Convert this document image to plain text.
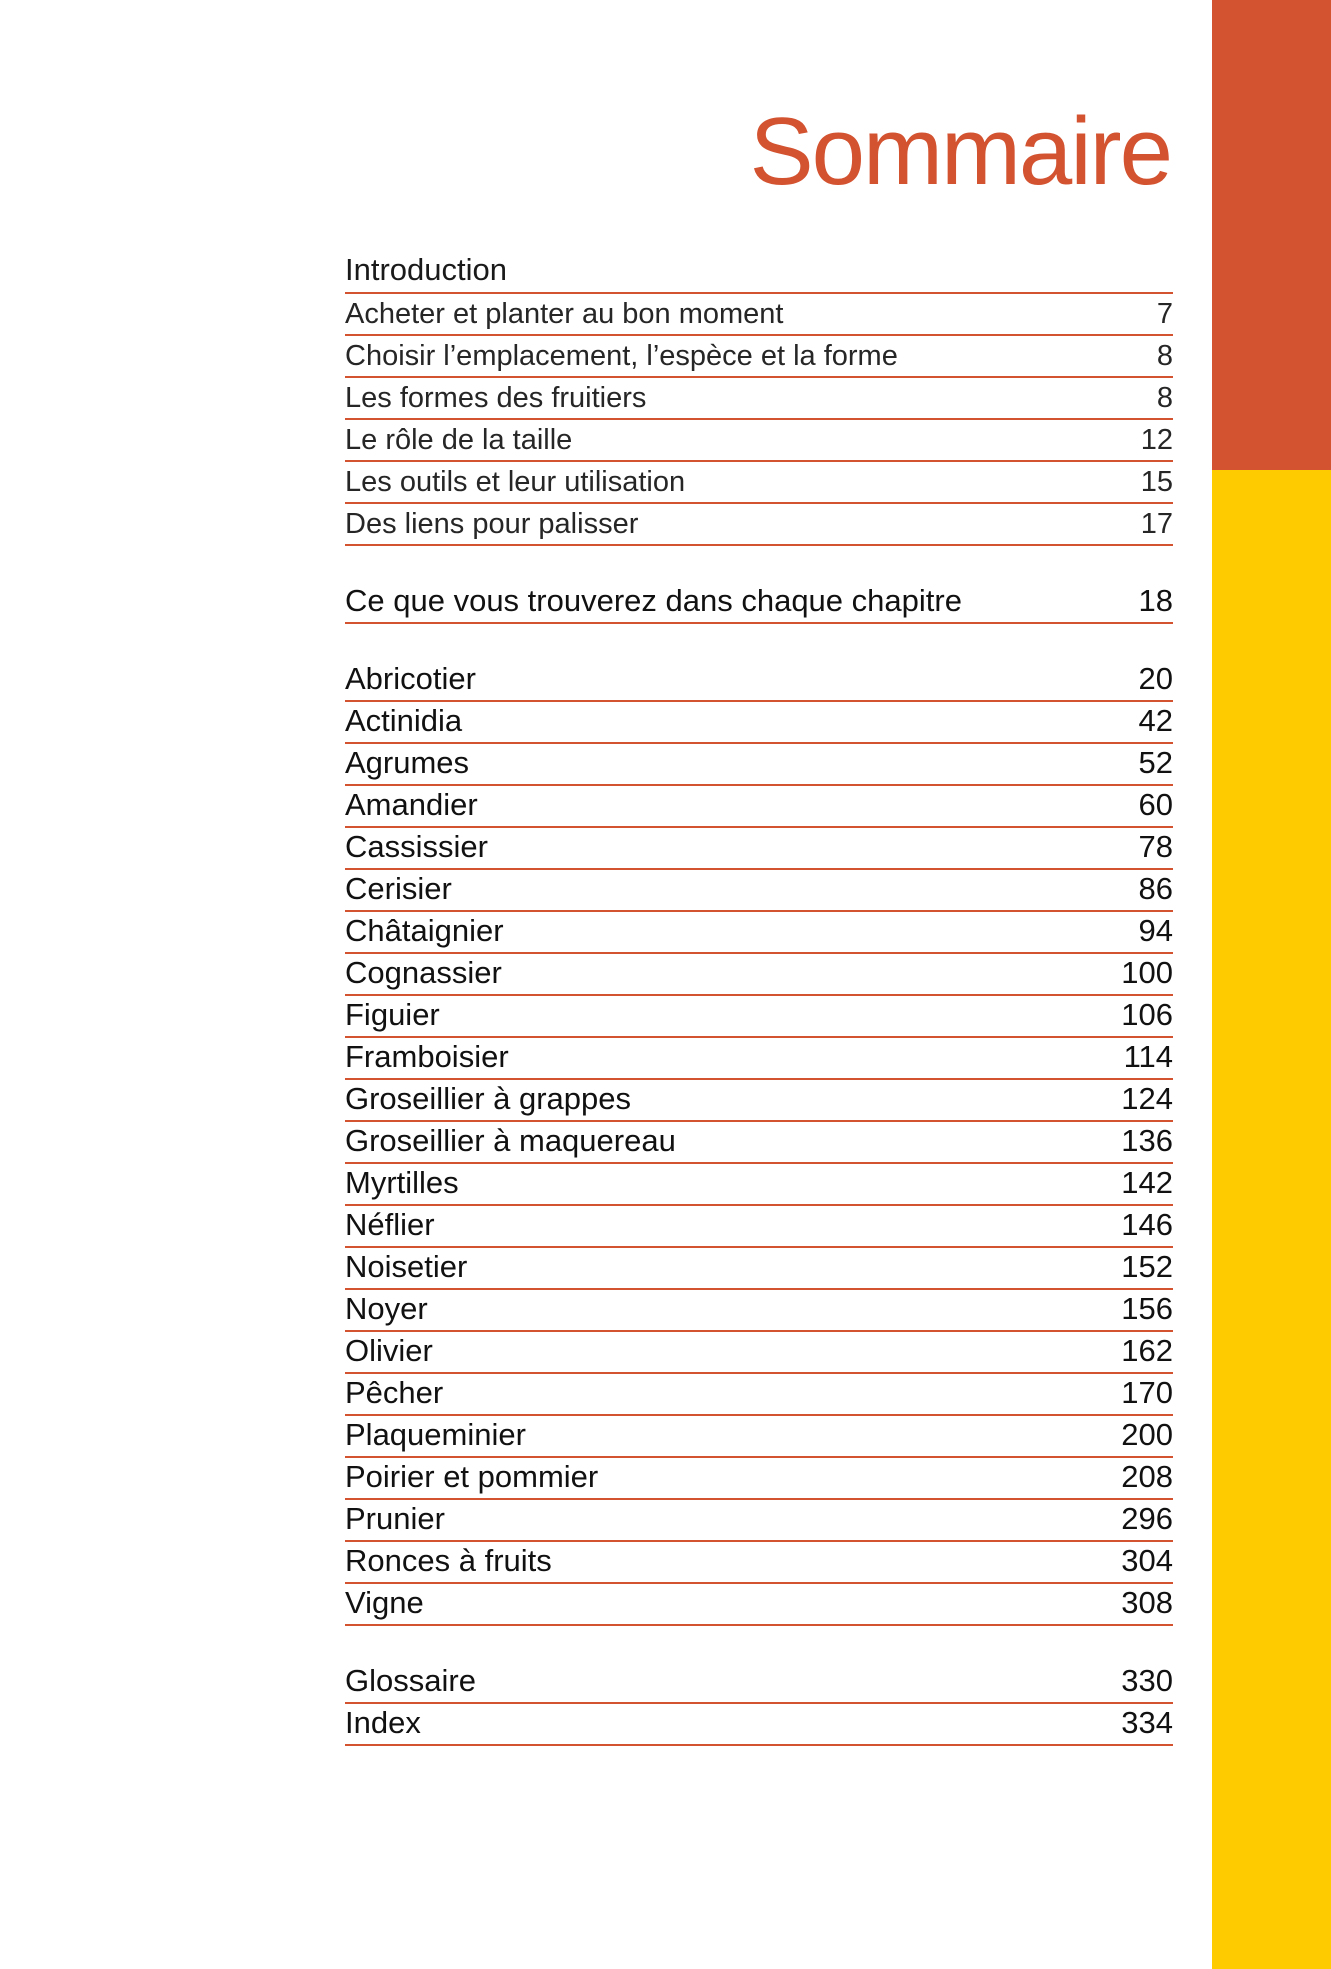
Sommaire
Introduction
Acheter et planter au bon moment	7
Choisir l’emplacement, l’espèce et la forme	8
Les formes des fruitiers	8
Le rôle de la taille	12
Les outils et leur utilisation	15
Des liens pour palisser	17
Ce que vous trouverez dans chaque chapitre	18
Abricotier	20
Actinidia	42
Agrumes	52
Amandier	60
Cassissier	78
Cerisier	86
Châtaignier	94
Cognassier	100
Figuier	106
Framboisier	114
Groseillier à grappes	124
Groseillier à maquereau	136
Myrtilles	142
Néflier	146
Noisetier	152
Noyer	156
Olivier	162
Pêcher	170
Plaqueminier	200
Poirier et pommier	208
Prunier	296
Ronces à fruits	304
Vigne	308
Glossaire	330
Index	334
